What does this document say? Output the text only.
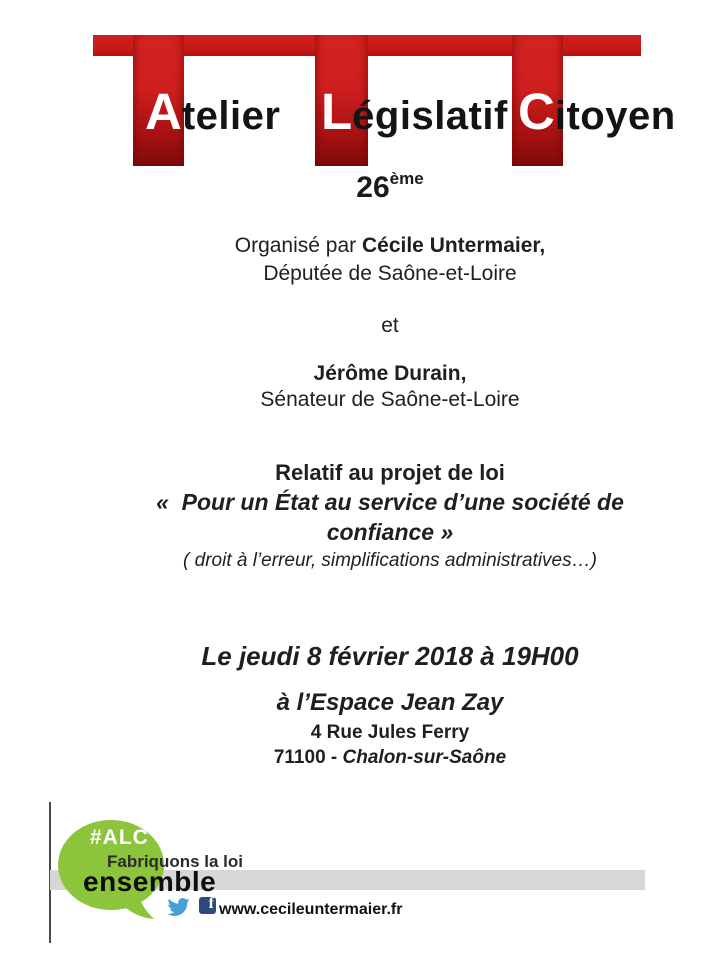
Atelier Législatif Citoyen
26ème
Organisé par Cécile Untermaier,
Députée de Saône-et-Loire
et
Jérôme Durain,
Sénateur de Saône-et-Loire
Relatif au projet de loi
«  Pour un État au service d’une société de
confiance »
( droit à l’erreur, simplifications administratives…)
Le jeudi 8 février 2018 à 19H00
à l’Espace Jean Zay
4 Rue Jules Ferry
71100 - Chalon-sur-Saône
#ALC
Fabriquons la loi
ensemble
f www.cecileuntermaier.fr
